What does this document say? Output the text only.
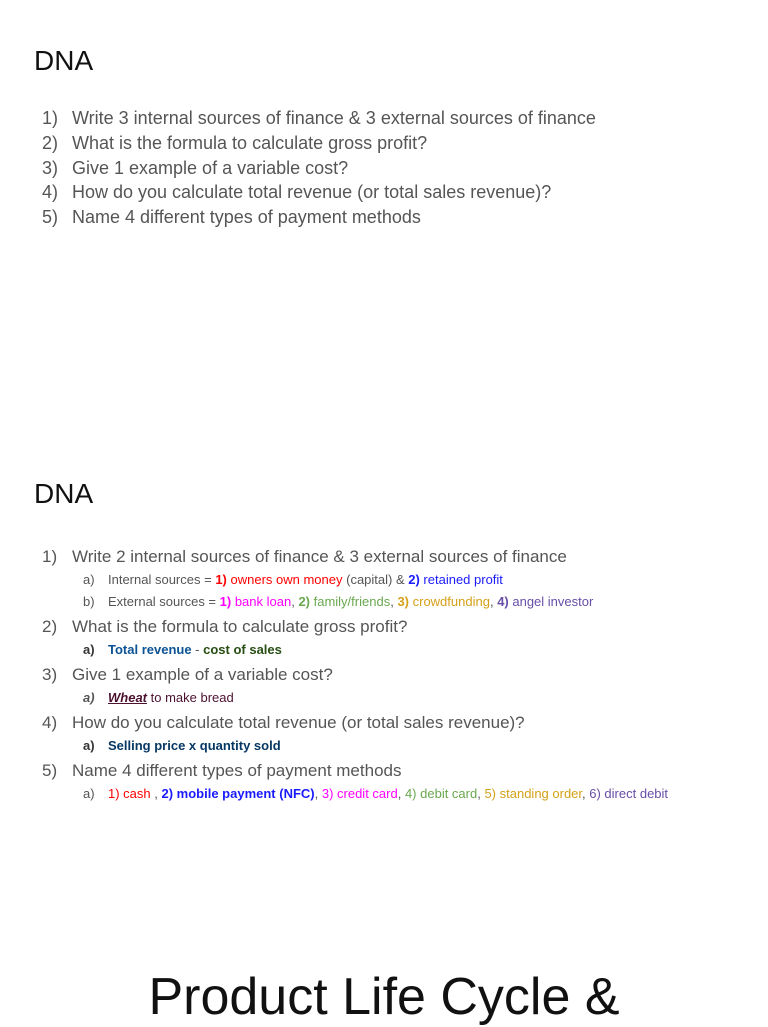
DNA
1) Write 3 internal sources of finance & 3 external sources of finance
2) What is the formula to calculate gross profit?
3) Give 1 example of a variable cost?
4) How do you calculate total revenue (or total sales revenue)?
5) Name 4 different types of payment methods
DNA
1) Write 2 internal sources of finance & 3 external sources of finance
a)	Internal sources = 1) owners own money (capital) & 2) retained profit
b)	External sources = 1) bank loan, 2) family/friends, 3) crowdfunding, 4) angel investor
2) What is the formula to calculate gross profit?
a)	Total revenue - cost of sales
3) Give 1 example of a variable cost?
a)	Wheat to make bread
4) How do you calculate total revenue (or total sales revenue)?
a)	Selling price x quantity sold
5) Name 4 different types of payment methods
a)	1) cash , 2) mobile payment (NFC), 3) credit card, 4) debit card, 5) standing order, 6) direct debit
Product Life Cycle &
